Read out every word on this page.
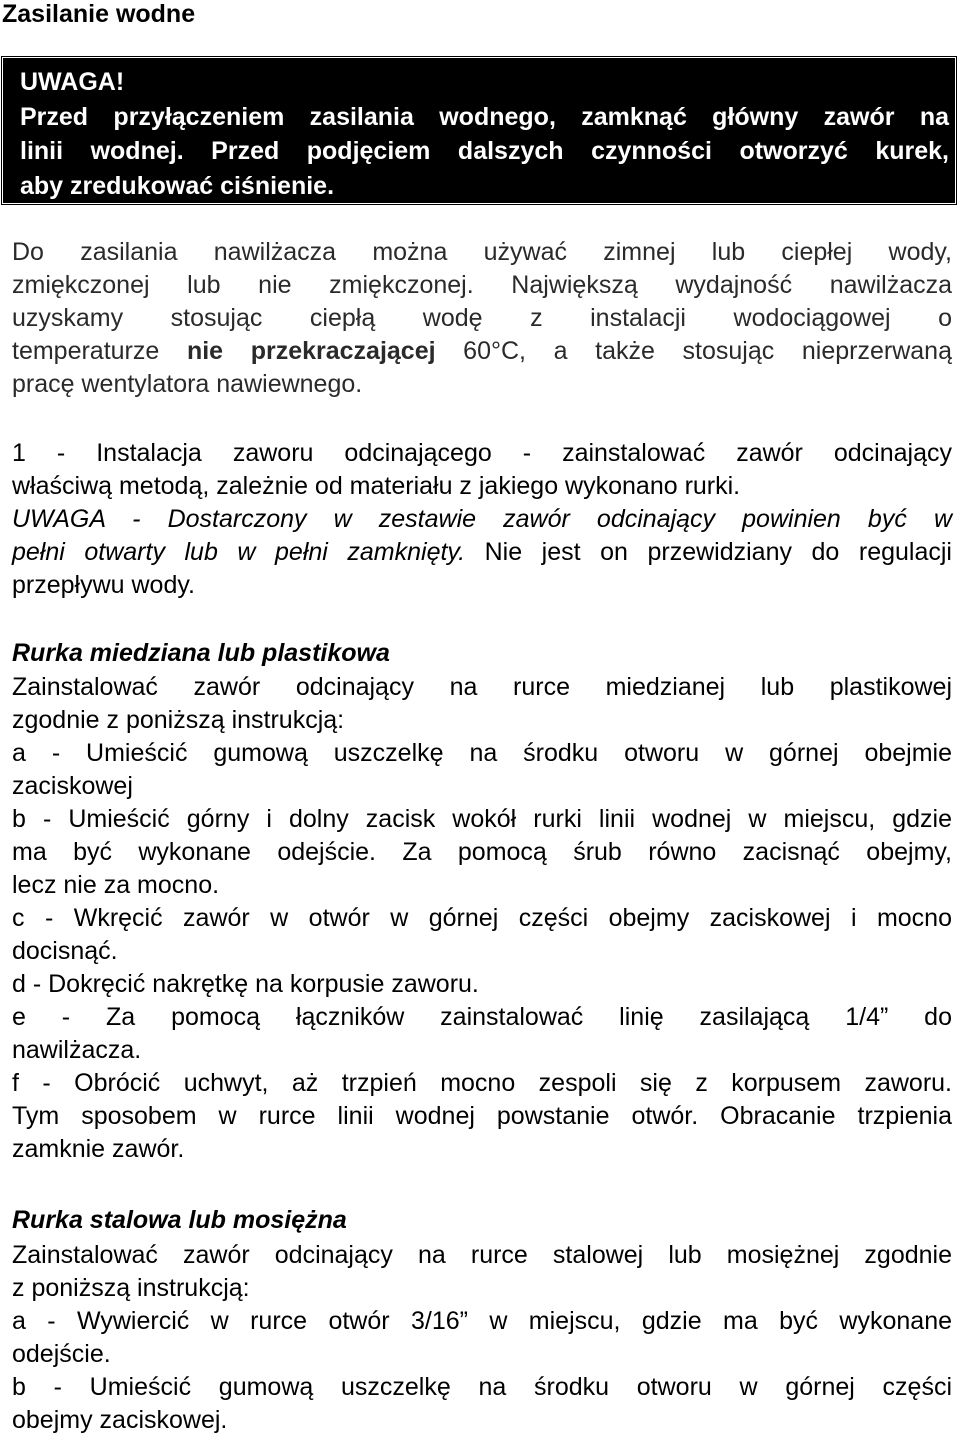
Zasilanie wodne

UWAGA!

Przed przyłączeniem zasilania wodnego, zamknąć główny zawór na

linii wodnej. Przed podjęciem dalszych czynności otworzyć kurek,

aby zredukować ciśnienie.

Do zasilania nawilżacza można używać zimnej lub ciepłej wody,
zmiękczonej lub nie zmiękczonej. Największą wydajność nawilżacza
uzyskamy stosując ciepłą wodę z instalacji wodociągowej o
temperaturze nie przekraczającej 60°C, a także stosując nieprzerwaną
pracę wentylatora nawiewnego.
1 - Instalacja zaworu odcinającego - zainstalować zawór odcinający
właściwą metodą, zależnie od materiału z jakiego wykonano rurki.
UWAGA - Dostarczony w zestawie zawór odcinający powinien być w
pełni otwarty lub w pełni zamknięty. Nie jest on przewidziany do regulacji
przepływu wody.
Rurka miedziana lub plastikowa
Zainstalować zawór odcinający na rurce miedzianej lub plastikowej
zgodnie z poniższą instrukcją:
a - Umieścić gumową uszczelkę na środku otworu w górnej obejmie
zaciskowej
b - Umieścić górny i dolny zacisk wokół rurki linii wodnej w miejscu, gdzie
ma być wykonane odejście. Za pomocą śrub równo zacisnąć obejmy,
lecz nie za mocno.
c - Wkręcić zawór w otwór w górnej części obejmy zaciskowej i mocno
docisnąć.
d - Dokręcić nakrętkę na korpusie zaworu.
e - Za pomocą łączników zainstalować linię zasilającą 1/4” do
nawilżacza.
f - Obrócić uchwyt, aż trzpień mocno zespoli się z korpusem zaworu.
Tym sposobem w rurce linii wodnej powstanie otwór. Obracanie trzpienia
zamknie zawór.
Rurka stalowa lub mosiężna
Zainstalować zawór odcinający na rurce stalowej lub mosiężnej zgodnie
z poniższą instrukcją:
a - Wywiercić w rurce otwór 3/16” w miejscu, gdzie ma być wykonane
odejście.
b - Umieścić gumową uszczelkę na środku otworu w górnej części
obejmy zaciskowej.
